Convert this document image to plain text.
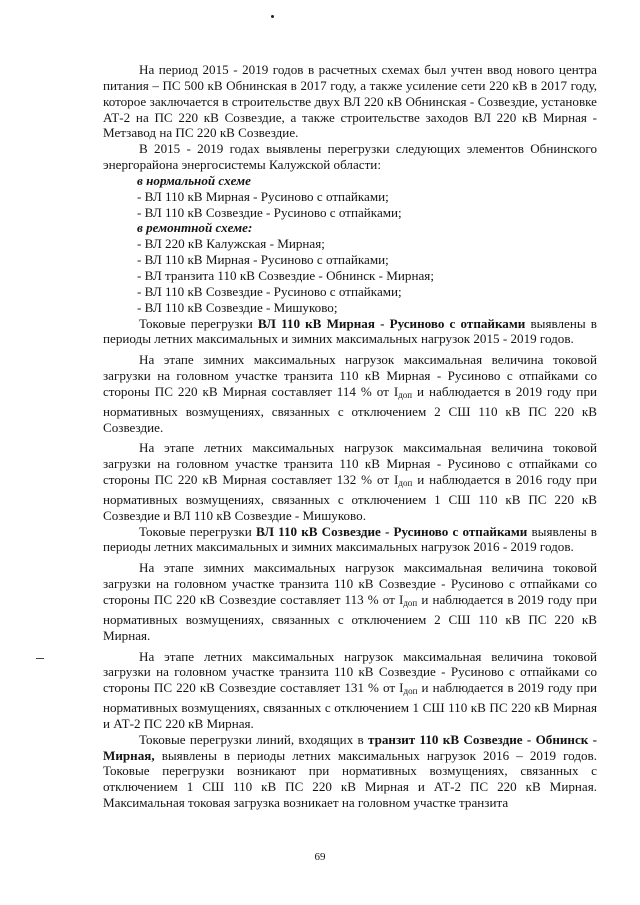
На период 2015 - 2019 годов в расчетных схемах был учтен ввод нового центра питания – ПС 500 кВ Обнинская в 2017 году, а также усиление сети 220 кВ в 2017 году, которое заключается в строительстве двух ВЛ 220 кВ Обнинская - Созвездие, установке АТ-2 на ПС 220 кВ Созвездие, а также строительстве заходов ВЛ 220 кВ Мирная - Метзавод на ПС 220 кВ Созвездие.

В 2015 - 2019 годах выявлены перегрузки следующих элементов Обнинского энергорайона энергосистемы Калужской области:

в нормальной схеме
- ВЛ 110 кВ Мирная - Русиново с отпайками;
- ВЛ 110 кВ Созвездие - Русиново с отпайками;
в ремонтной схеме:
- ВЛ 220 кВ Калужская - Мирная;
- ВЛ 110 кВ Мирная - Русиново с отпайками;
- ВЛ транзита 110 кВ Созвездие - Обнинск - Мирная;
- ВЛ 110 кВ Созвездие - Русиново с отпайками;
- ВЛ 110 кВ Созвездие - Мишуково;

Токовые перегрузки ВЛ 110 кВ Мирная - Русиново с отпайками выявлены в периоды летних максимальных и зимних максимальных нагрузок 2015 - 2019 годов.

На этапе зимних максимальных нагрузок максимальная величина токовой загрузки на головном участке транзита 110 кВ Мирная - Русиново с отпайками со стороны ПС 220 кВ Мирная составляет 114 % от $I_{доп}$ и наблюдается в 2019 году при нормативных возмущениях, связанных с отключением 2 СШ 110 кВ ПС 220 кВ Созвездие.

На этапе летних максимальных нагрузок максимальная величина токовой загрузки на головном участке транзита 110 кВ Мирная - Русиново с отпайками со стороны ПС 220 кВ Мирная составляет 132 % от $I_{доп}$ и наблюдается в 2016 году при нормативных возмущениях, связанных с отключением 1 СШ 110 кВ ПС 220 кВ Созвездие и ВЛ 110 кВ Созвездие - Мишуково.

Токовые перегрузки ВЛ 110 кВ Созвездие - Русиново с отпайками выявлены в периоды летних максимальных и зимних максимальных нагрузок 2016 - 2019 годов.

На этапе зимних максимальных нагрузок максимальная величина токовой загрузки на головном участке транзита 110 кВ Созвездие - Русиново с отпайками со стороны ПС 220 кВ Созвездие составляет 113 % от $I_{доп}$ и наблюдается в 2019 году при нормативных возмущениях, связанных с отключением 2 СШ 110 кВ ПС 220 кВ Мирная.

На этапе летних максимальных нагрузок максимальная величина токовой загрузки на головном участке транзита 110 кВ Созвездие - Русиново с отпайками со стороны ПС 220 кВ Созвездие составляет 131 % от $I_{доп}$ и наблюдается в 2019 году при нормативных возмущениях, связанных с отключением 1 СШ 110 кВ ПС 220 кВ Мирная и АТ-2 ПС 220 кВ Мирная.

Токовые перегрузки линий, входящих в транзит 110 кВ Созвездие - Обнинск - Мирная, выявлены в периоды летних максимальных нагрузок 2016 – 2019 годов. Токовые перегрузки возникают при нормативных возмущениях, связанных с отключением 1 СШ 110 кВ ПС 220 кВ Мирная и АТ-2 ПС 220 кВ Мирная. Максимальная токовая загрузка возникает на головном участке транзита

69
